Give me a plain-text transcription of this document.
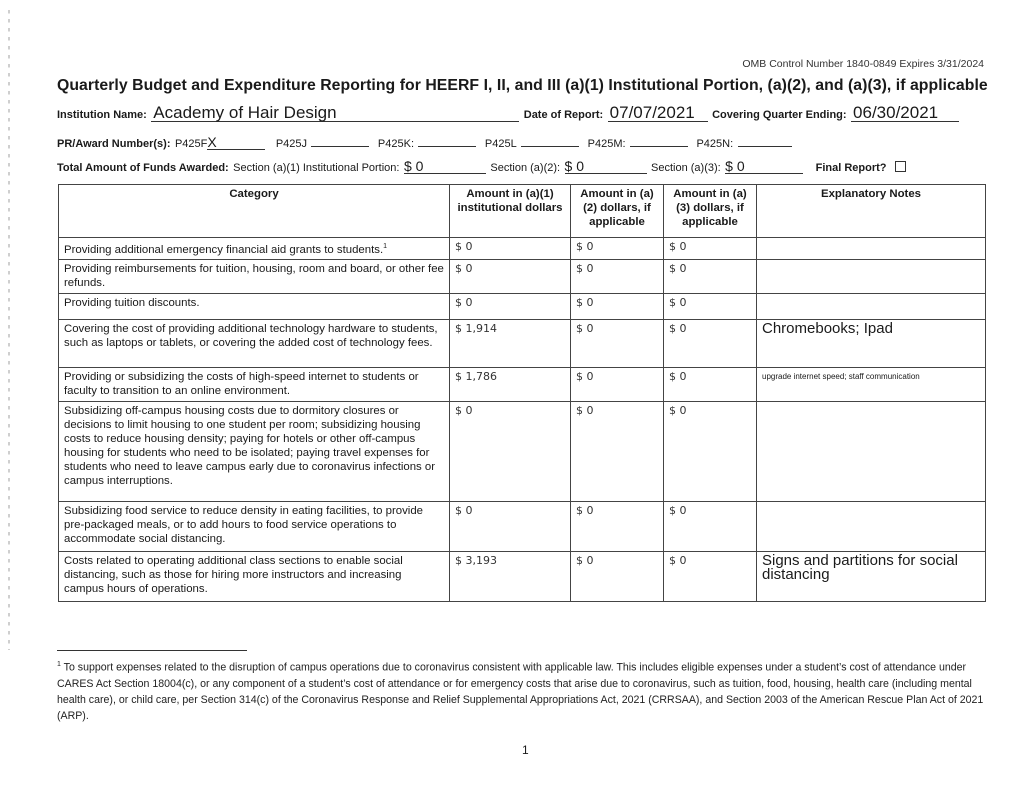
OMB Control Number 1840-0849 Expires 3/31/2024
Quarterly Budget and Expenditure Reporting for HEERF I, II, and III (a)(1) Institutional Portion, (a)(2), and (a)(3), if applicable
Institution Name: Academy of Hair Design	Date of Report: 07/07/2021 Covering Quarter Ending: 06/30/2021
PR/Award Number(s): P425FX	P425J	P425K:	P425L	P425M:	P425N:
Total Amount of Funds Awarded: Section (a)(1) Institutional Portion: $ 0	Section (a)(2): $ 0	Section (a)(3): $ 0	Final Report?
Category	Amount in (a)(1) institutional dollars	Amount in (a)(2) dollars, if applicable	Amount in (a)(3) dollars, if applicable	Explanatory Notes
Providing additional emergency financial aid grants to students.$^1$	$ 0	$ 0	$ 0	
Providing reimbursements for tuition, housing, room and board, or other fee refunds.	$ 0	$ 0	$ 0	
Providing tuition discounts.	$ 0	$ 0	$ 0	
Covering the cost of providing additional technology hardware to students, such as laptops or tablets, or covering the added cost of technology fees.	$ 1,914	$ 0	$ 0	Chromebooks; Ipad
Providing or subsidizing the costs of high-speed internet to students or faculty to transition to an online environment.	$ 1,786	$ 0	$ 0	upgrade internet speed; staff communication
Subsidizing off-campus housing costs due to dormitory closures or decisions to limit housing to one student per room; subsidizing housing costs to reduce housing density; paying for hotels or other off-campus housing for students who need to be isolated; paying travel expenses for students who need to leave campus early due to coronavirus infections or campus interruptions.	$ 0	$ 0	$ 0	
Subsidizing food service to reduce density in eating facilities, to provide pre-packaged meals, or to add hours to food service operations to accommodate social distancing.	$ 0	$ 0	$ 0	
Costs related to operating additional class sections to enable social distancing, such as those for hiring more instructors and increasing campus hours of operations.	$ 3,193	$ 0	$ 0	Signs and partitions for social distancing
$^1$ To support expenses related to the disruption of campus operations due to coronavirus consistent with applicable law. This includes eligible expenses under a student’s cost of attendance under CARES Act Section 18004(c), or any component of a student’s cost of attendance or for emergency costs that arise due to coronavirus, such as tuition, food, housing, health care (including mental health care), or child care, per Section 314(c) of the Coronavirus Response and Relief Supplemental Appropriations Act, 2021 (CRRSAA), and Section 2003 of the American Rescue Plan Act of 2021 (ARP).
1
